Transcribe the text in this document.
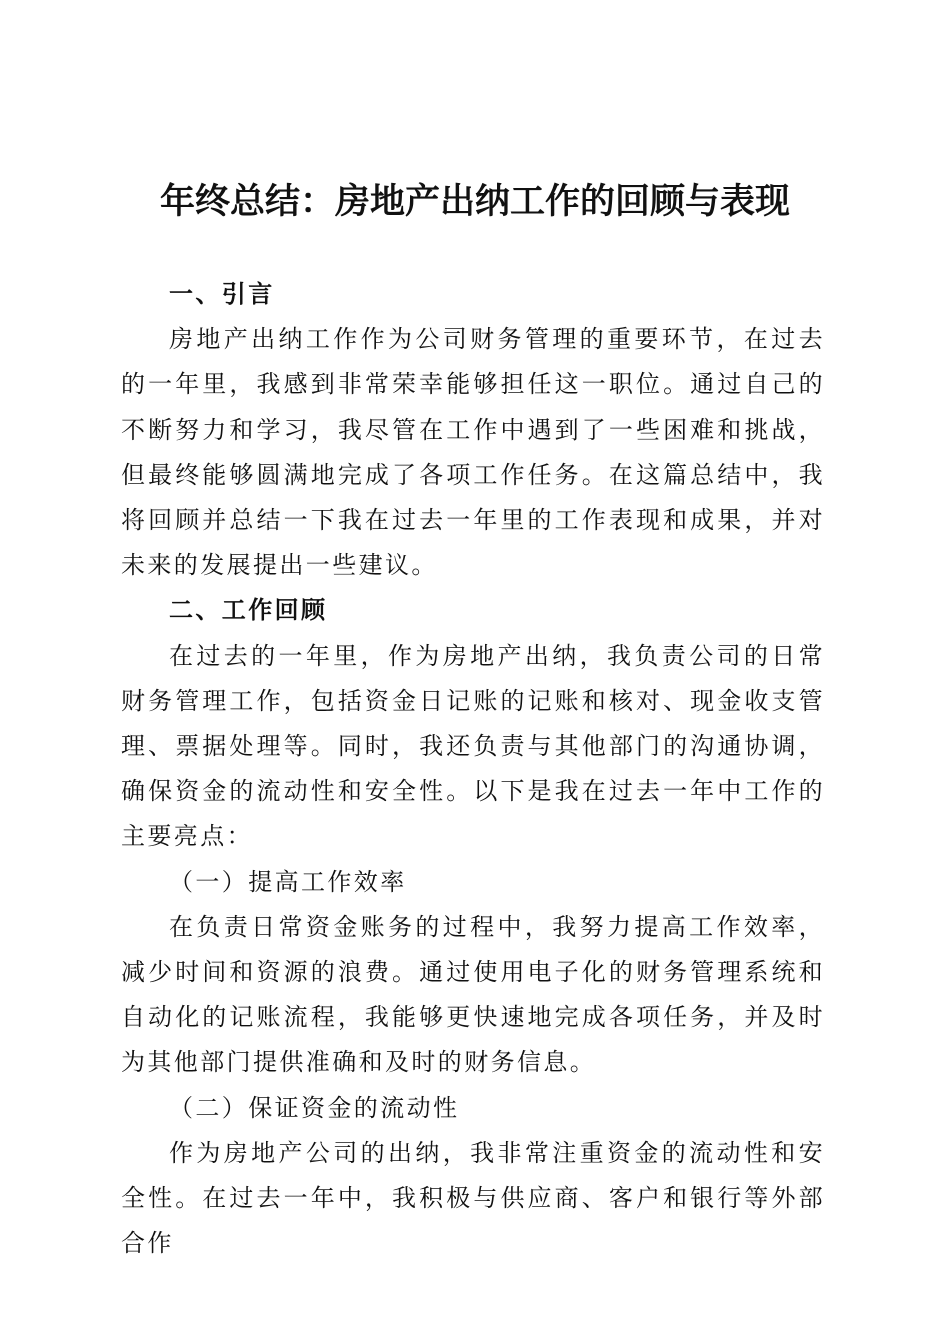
年终总结：房地产出纳工作的回顾与表现
一、引言

房地产出纳工作作为公司财务管理的重要环节，在过去的一年里，我感到非常荣幸能够担任这一职位。通过自己的不断努力和学习，我尽管在工作中遇到了一些困难和挑战，但最终能够圆满地完成了各项工作任务。在这篇总结中，我将回顾并总结一下我在过去一年里的工作表现和成果，并对未来的发展提出一些建议。

二、工作回顾

在过去的一年里，作为房地产出纳，我负责公司的日常财务管理工作，包括资金日记账的记账和核对、现金收支管理、票据处理等。同时，我还负责与其他部门的沟通协调，确保资金的流动性和安全性。以下是我在过去一年中工作的主要亮点：

（一）提高工作效率

在负责日常资金账务的过程中，我努力提高工作效率，减少时间和资源的浪费。通过使用电子化的财务管理系统和自动化的记账流程，我能够更快速地完成各项任务，并及时为其他部门提供准确和及时的财务信息。

（二）保证资金的流动性

作为房地产公司的出纳，我非常注重资金的流动性和安全性。在过去一年中，我积极与供应商、客户和银行等外部合作
